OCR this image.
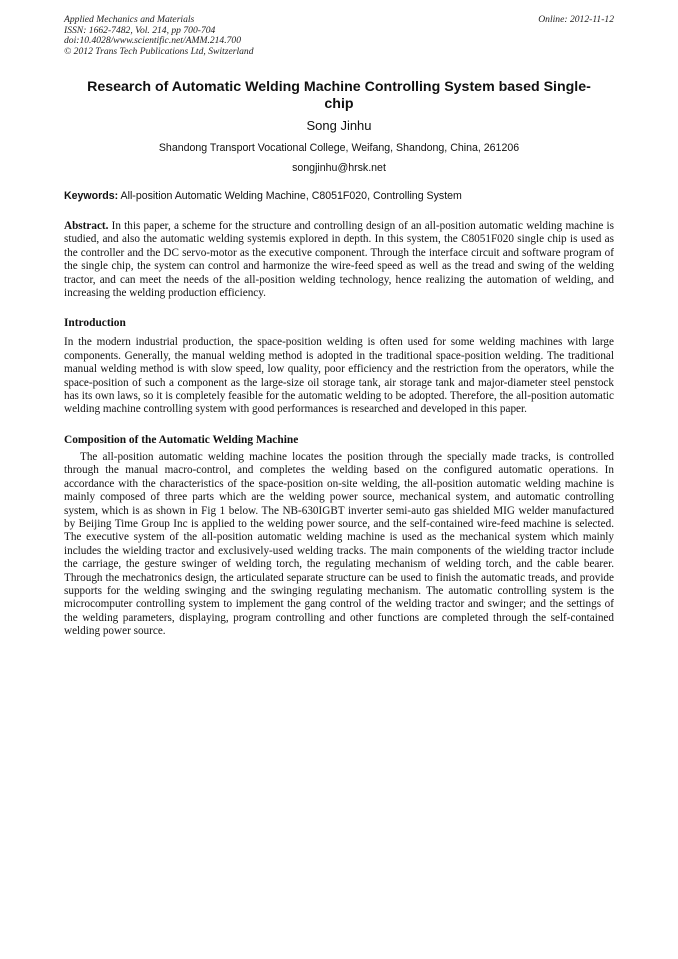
Applied Mechanics and Materials
ISSN: 1662-7482, Vol. 214, pp 700-704
doi:10.4028/www.scientific.net/AMM.214.700
© 2012 Trans Tech Publications Ltd, Switzerland
Online: 2012-11-12
Research of Automatic Welding Machine Controlling System based Single-chip
Song Jinhu
Shandong Transport Vocational College, Weifang, Shandong, China, 261206
songjinhu@hrsk.net
Keywords: All-position Automatic Welding Machine, C8051F020, Controlling System

Abstract. In this paper, a scheme for the structure and controlling design of an all-position automatic welding machine is studied, and also the automatic welding systemis explored in depth. In this system, the C8051F020 single chip is used as the controller and the DC servo-motor as the executive component. Through the interface circuit and software program of the single chip, the system can control and harmonize the wire-feed speed as well as the tread and swing of the welding tractor, and can meet the needs of the all-position welding technology, hence realizing the automation of welding, and increasing the welding production efficiency.

Introduction

In the modern industrial production, the space-position welding is often used for some welding machines with large components. Generally, the manual welding method is adopted in the traditional space-position welding. The traditional manual welding method is with slow speed, low quality, poor efficiency and the restriction from the operators, while the space-position of such a component as the large-size oil storage tank, air storage tank and major-diameter steel penstock has its own laws, so it is completely feasible for the automatic welding to be adopted. Therefore, the all-position automatic welding machine controlling system with good performances is researched and developed in this paper.

Composition of the Automatic Welding Machine

The all-position automatic welding machine locates the position through the specially made tracks, is controlled through the manual macro-control, and completes the welding based on the configured automatic operations. In accordance with the characteristics of the space-position on-site welding, the all-position automatic welding machine is mainly composed of three parts which are the welding power source, mechanical system, and automatic controlling system, which is as shown in Fig 1 below. The NB-630IGBT inverter semi-auto gas shielded MIG welder manufactured by Beijing Time Group Inc is applied to the welding power source, and the self-contained wire-feed machine is selected. The executive system of the all-position automatic welding machine is used as the mechanical system which mainly includes the wielding tractor and exclusively-used welding tracks. The main components of the wielding tractor include the carriage, the gesture swinger of welding torch, the regulating mechanism of welding torch, and the cable bearer. Through the mechatronics design, the articulated separate structure can be used to finish the automatic treads, and provide supports for the welding swinging and the swinging regulating mechanism. The automatic controlling system is the microcomputer controlling system to implement the gang control of the welding tractor and swinger; and the settings of the welding parameters, displaying, program controlling and other functions are completed through the self-contained welding power source.
